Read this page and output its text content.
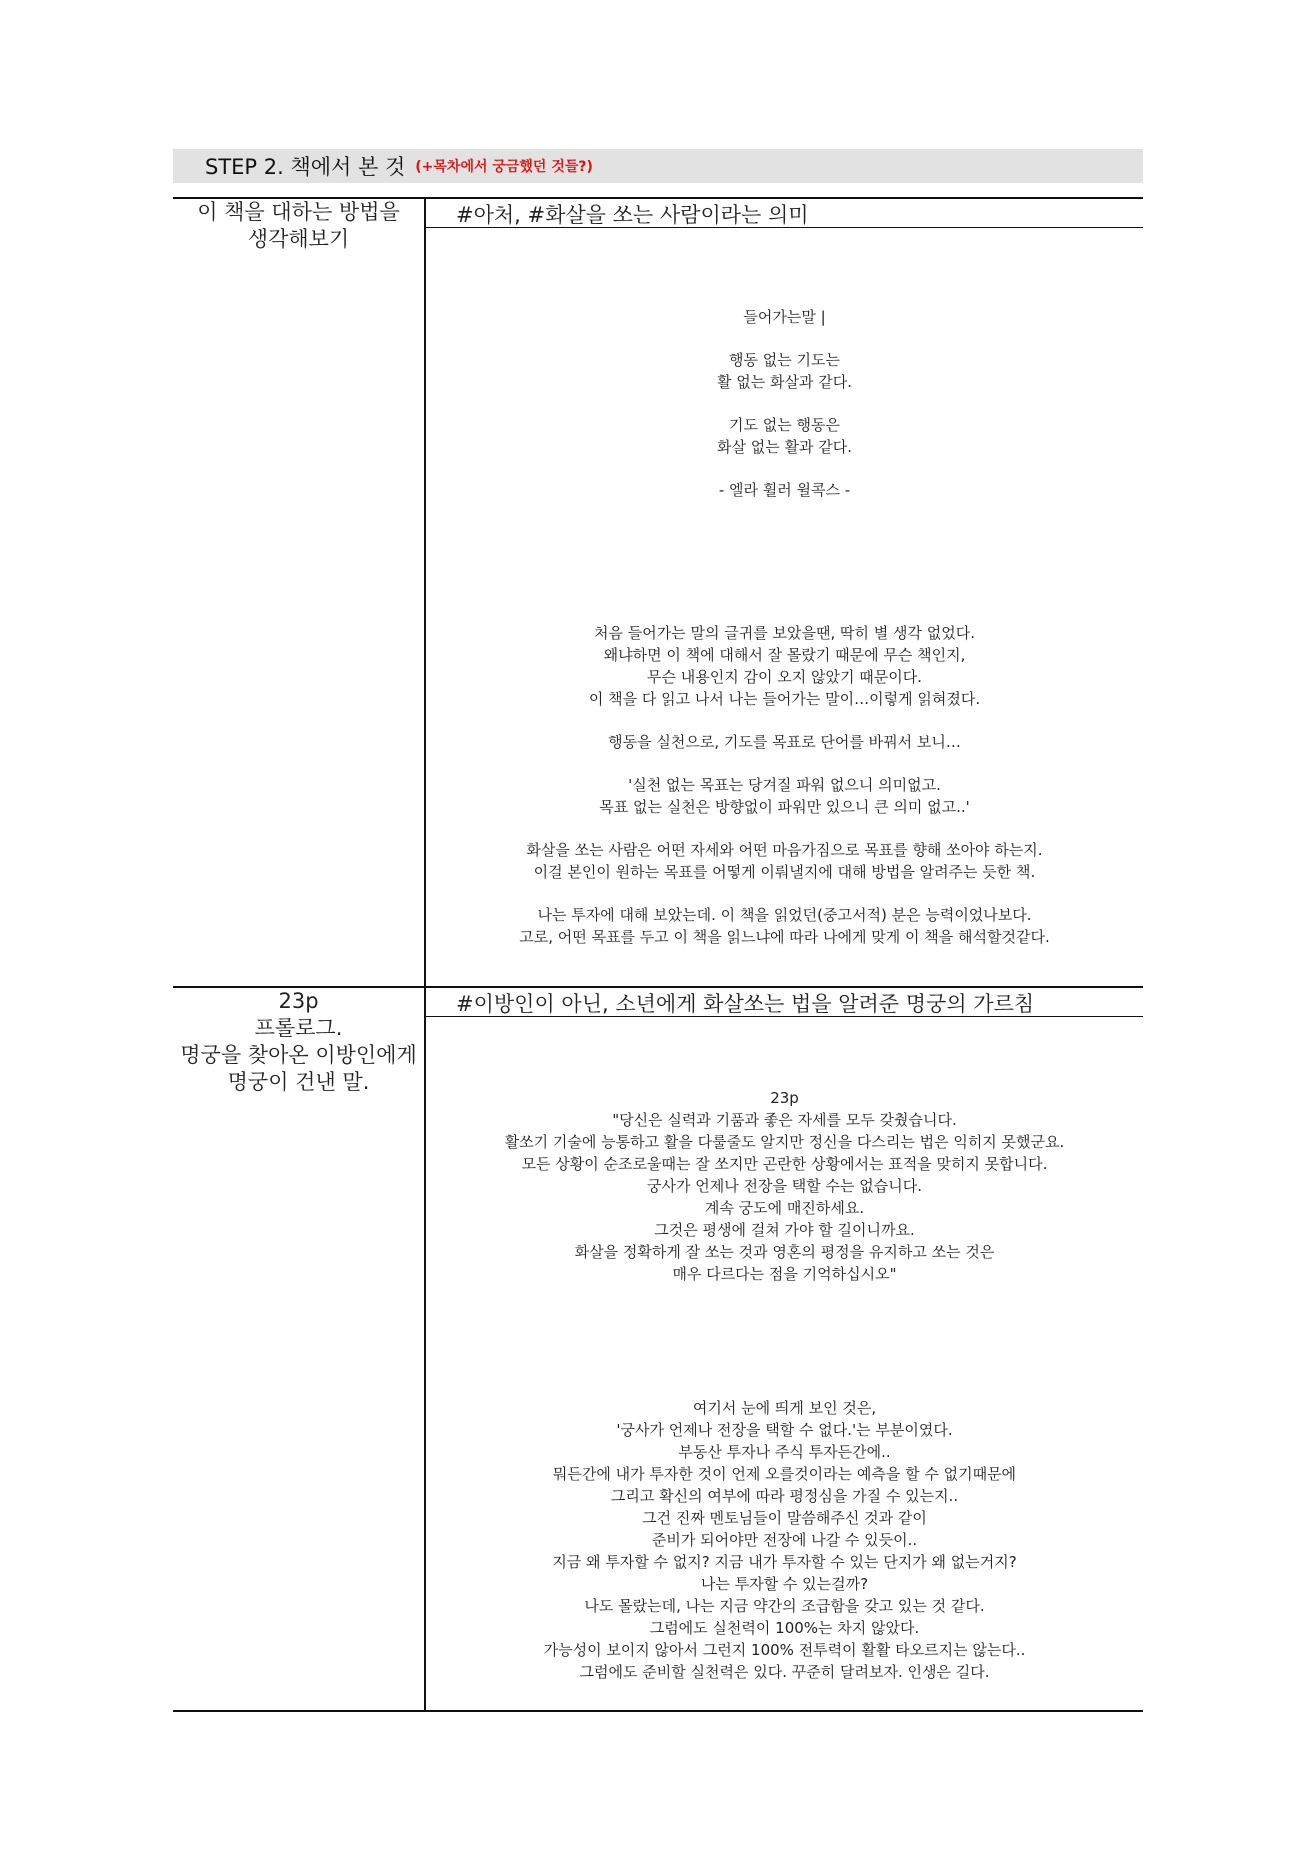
STEP 2. 책에서 본 것 (+목차에서 궁금했던 것들?)
이 책을 대하는 방법을
생각해보기
#아처, #화살을 쏘는 사람이라는 의미
들어가는말 |
행동 없는 기도는
활 없는 화살과 같다.
기도 없는 행동은
화살 없는 활과 같다.
- 엘라 휠러 윌콕스 -
처음 들어가는 말의 글귀를 보았을땐, 딱히 별 생각 없었다.
왜냐하면 이 책에 대해서 잘 몰랐기 때문에 무슨 책인지,
무슨 내용인지 감이 오지 않았기 때문이다.
이 책을 다 읽고 나서 나는 들어가는 말이…이렇게 읽혀졌다.
행동을 실천으로, 기도를 목표로 단어를 바꿔서 보니…
'실천 없는 목표는 당겨질 파워 없으니 의미없고.
목표 없는 실천은 방향없이 파워만 있으니 큰 의미 없고..'
화살을 쏘는 사람은 어떤 자세와 어떤 마음가짐으로 목표를 향해 쏘아야 하는지.
이걸 본인이 원하는 목표를 어떻게 이뤄낼지에 대해 방법을 알려주는 듯한 책.
나는 투자에 대해 보았는데. 이 책을 읽었던(중고서적) 분은 능력이었나보다.
고로, 어떤 목표를 두고 이 책을 읽느냐에 따라 나에게 맞게 이 책을 해석할것같다.
23p
프롤로그.
명궁을 찾아온 이방인에게
명궁이 건낸 말.
#이방인이 아닌, 소년에게 화살쏘는 법을 알려준 명궁의 가르침
23p
"당신은 실력과 기품과 좋은 자세를 모두 갖췄습니다.
활쏘기 기술에 능통하고 활을 다룰줄도 알지만 정신을 다스리는 법은 익히지 못했군요.
모든 상황이 순조로울때는 잘 쏘지만 곤란한 상황에서는 표적을 맞히지 못합니다.
궁사가 언제나 전장을 택할 수는 없습니다.
계속 궁도에 매진하세요.
그것은 평생에 걸쳐 가야 할 길이니까요.
화살을 정확하게 잘 쏘는 것과 영혼의 평정을 유지하고 쏘는 것은
매우 다르다는 점을 기억하십시오"
여기서 눈에 띄게 보인 것은,
'궁사가 언제나 전장을 택할 수 없다.'는 부분이였다.
부동산 투자나 주식 투자든간에..
뭐든간에 내가 투자한 것이 언제 오를것이라는 예측을 할 수 없기때문에
그리고 확신의 여부에 따라 평정심을 가질 수 있는지..
그건 진짜 멘토님들이 말씀해주신 것과 같이
준비가 되어야만 전장에 나갈 수 있듯이..
지금 왜 투자할 수 없지? 지금 내가 투자할 수 있는 단지가 왜 없는거지?
나는 투자할 수 있는걸까?
나도 몰랐는데, 나는 지금 약간의 조급함을 갖고 있는 것 같다.
그럼에도 실천력이 100%는 차지 않았다.
가능성이 보이지 않아서 그런지 100% 전투력이 활활 타오르지는 않는다..
그럼에도 준비할 실천력은 있다. 꾸준히 달려보자. 인생은 길다.
